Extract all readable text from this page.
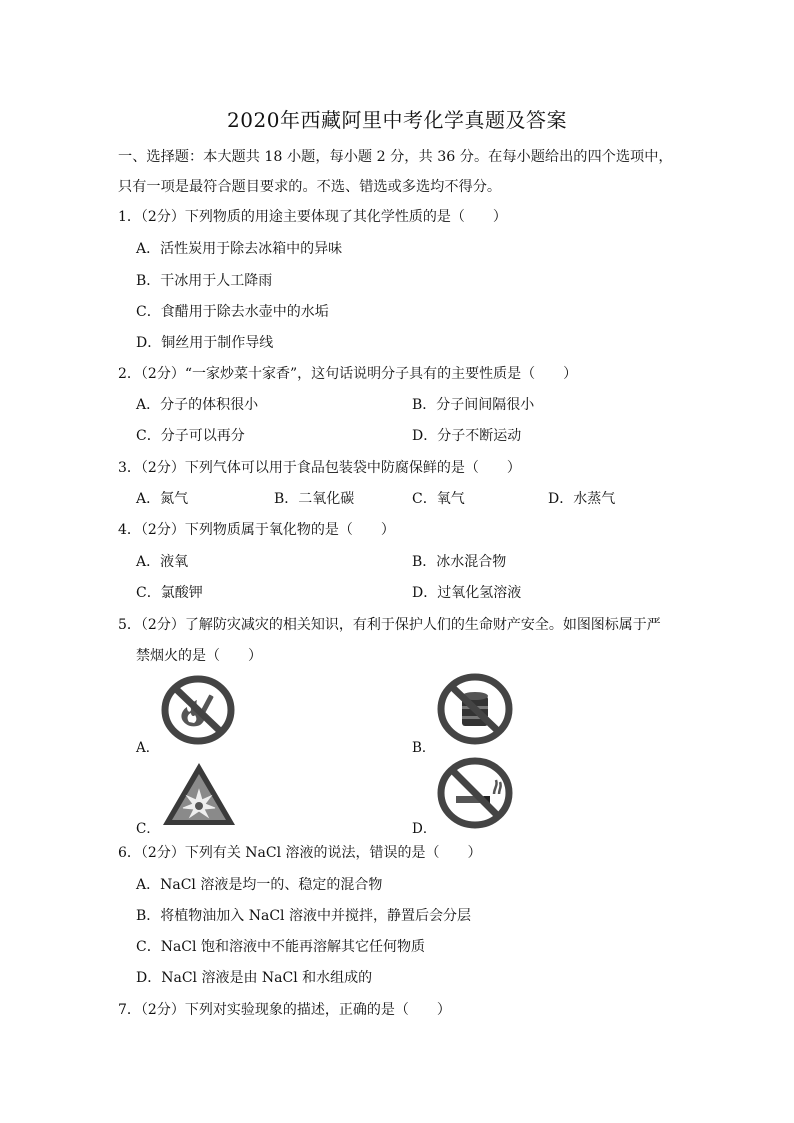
2020年西藏阿里中考化学真题及答案
一、选择题：本大题共 18 小题，每小题 2 分，共 36 分。在每小题给出的四个选项中，只有一项是最符合题目要求的。不选、错选或多选均不得分。
1．（2分）下列物质的用途主要体现了其化学性质的是（　　）
A．活性炭用于除去冰箱中的异味
B．干冰用于人工降雨
C．食醋用于除去水壶中的水垢
D．铜丝用于制作导线
2．（2分）“一家炒菜十家香”，这句话说明分子具有的主要性质是（　　）
A．分子的体积很小	B．分子间间隔很小
C．分子可以再分	D．分子不断运动
3．（2分）下列气体可以用于食品包装袋中防腐保鲜的是（　　）
A．氮气	B．二氧化碳	C．氧气	D．水蒸气
4．（2分）下列物质属于氧化物的是（　　）
A．液氧	B．冰水混合物
C．氯酸钾	D．过氧化氢溶液
5．（2分）了解防灾减灾的相关知识，有利于保护人们的生命财产安全。如图图标属于严
禁烟火的是（　　）
A．	B．
C．	D．
6．（2分）下列有关 NaCl 溶液的说法，错误的是（　　）
A．NaCl 溶液是均一的、稳定的混合物
B．将植物油加入 NaCl 溶液中并搅拌，静置后会分层
C．NaCl 饱和溶液中不能再溶解其它任何物质
D．NaCl 溶液是由 NaCl 和水组成的
7．（2分）下列对实验现象的描述，正确的是（　　）
